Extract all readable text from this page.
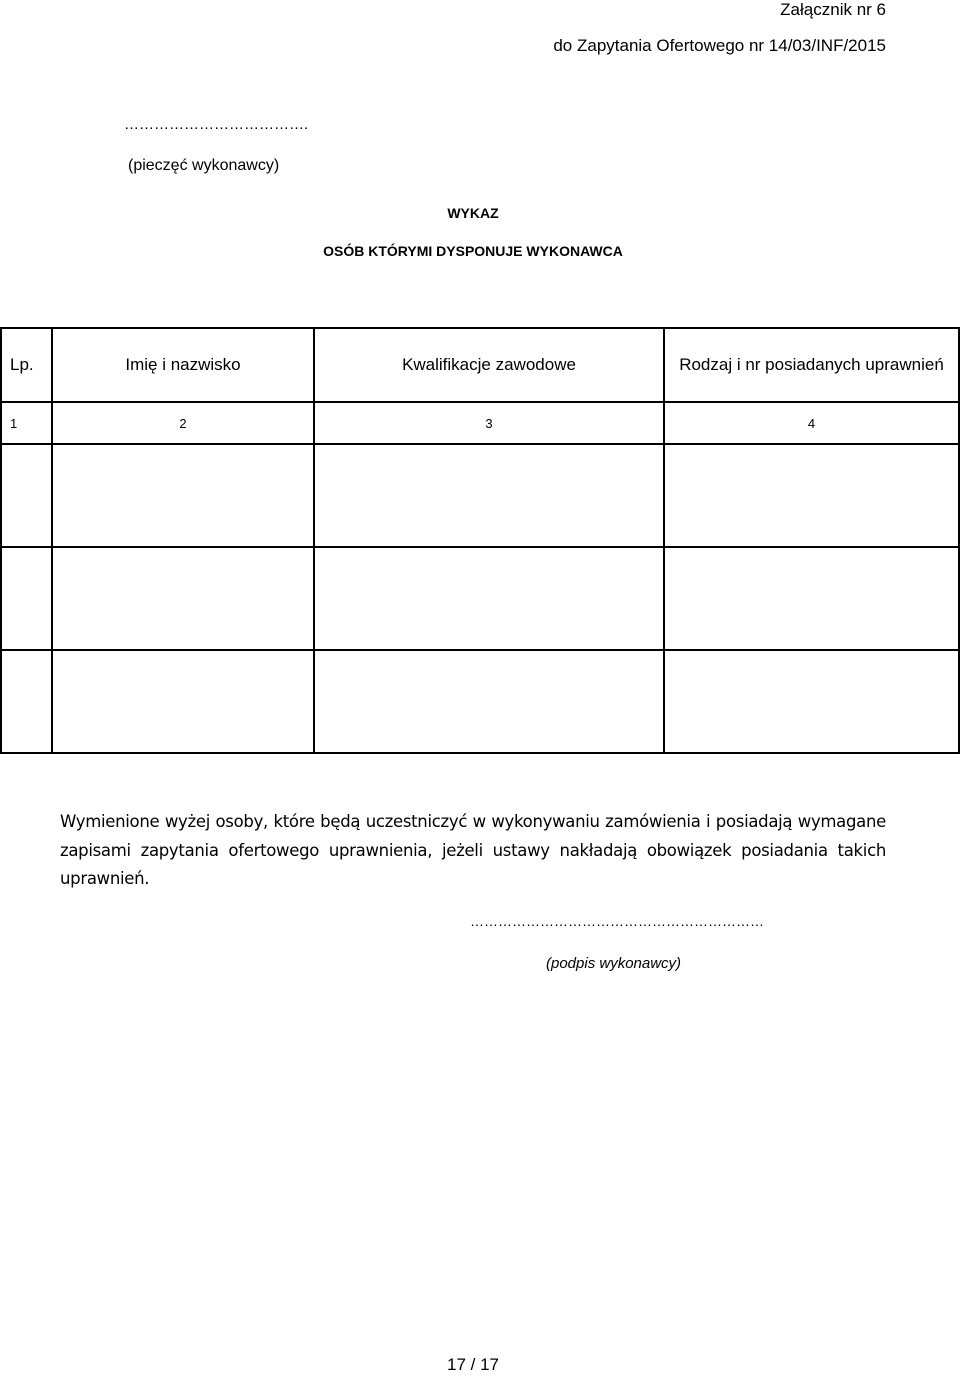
Załącznik nr 6
do Zapytania Ofertowego nr 14/03/INF/2015
……………………………….
(pieczęć wykonawcy)
WYKAZ
OSÓB KTÓRYMI DYSPONUJE WYKONAWCA
Lp.	Imię i nazwisko	Kwalifikacje zawodowe	Rodzaj i nr posiadanych uprawnień
1	2	3	4

Wymienione wyżej osoby, które będą uczestniczyć w wykonywaniu zamówienia i posiadają wymagane zapisami zapytania ofertowego uprawnienia, jeżeli ustawy nakładają obowiązek posiadania takich uprawnień.
………………………………………………………
(podpis wykonawcy)
17 / 17
